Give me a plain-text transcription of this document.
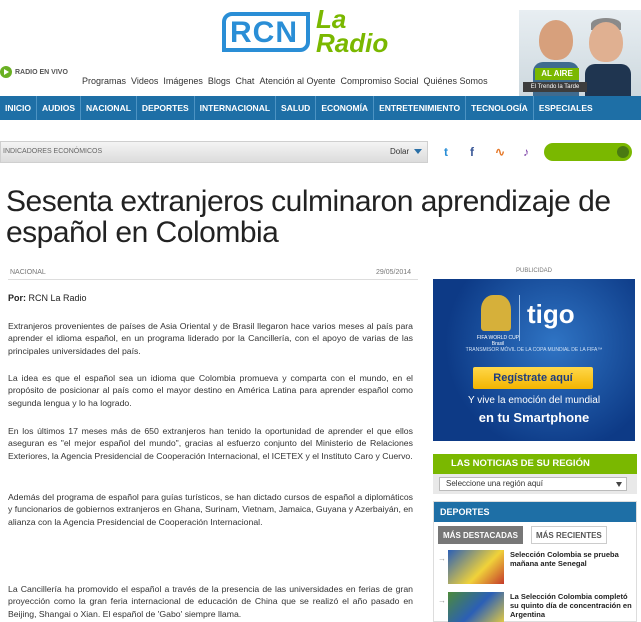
RCN La
Radio
RADIO EN VIVO
Programas Videos Imágenes Blogs Chat Atención al Oyente Compromiso Social Quiénes Somos
AL AIRE
El Trendo la Tarde
INICIO	AUDIOS	NACIONAL	DEPORTES	INTERNACIONAL	SALUD	ECONOMÍA	ENTRETENIMIENTO	TECNOLOGÍA	ESPECIALES
INDICADORES ECONÓMICOS	Dolar	t	f	∿	♪
Sesenta extranjeros culminaron aprendizaje de español en Colombia
NACIONAL	29/05/2014
Por: RCN La Radio

Extranjeros provenientes de países de Asia Oriental y de Brasil llegaron hace varios meses al país para aprender el idioma español, en un programa liderado por la Cancillería, con el apoyo de varias de las principales universidades del país.

La idea es que el español sea un idioma que Colombia promueva y comparta con el mundo, en el propósito de posicionar al país como el mayor destino en América Latina para aprender español como segunda lengua y lo ha logrado.

En los últimos 17 meses más de 650 extranjeros han tenido la oportunidad de aprender el que ellos aseguran es "el mejor español del mundo", gracias al esfuerzo conjunto del Ministerio de Relaciones Exteriores, la Agencia Presidencial de Cooperación Internacional, el ICETEX y el Instituto Caro y Cuervo.

Además del programa de español para guías turísticos, se han dictado cursos de español a diplomáticos y funcionarios de gobiernos extranjeros en Ghana, Surinam, Vietnam, Jamaica, Guyana y Azerbaiyán, en alianza con la Agencia Presidencial de Cooperación Internacional.

La Cancillería ha promovido el español a través de la presencia de las universidades en ferias de gran proyección como la gran feria internacional de educación de China que se realizó el año pasado en Beijing, Shangai o Xian. El español de 'Gabo' siempre llama.

PUBLICIDAD
FIFA WORLD CUP Brasil
tigo
TRANSMISOR MÓVIL DE LA COPA MUNDIAL DE LA FIFA™
Regístrate aquí
Y vive la emoción del mundial
en tu Smartphone
LAS NOTICIAS DE SU REGIÓN
Seleccione una región aquí
DEPORTES
MÁS DESTACADAS	MÁS RECIENTES
→	Selección Colombia se prueba mañana ante Senegal
→	La Selección Colombia completó su quinto día de concentración en Argentina
